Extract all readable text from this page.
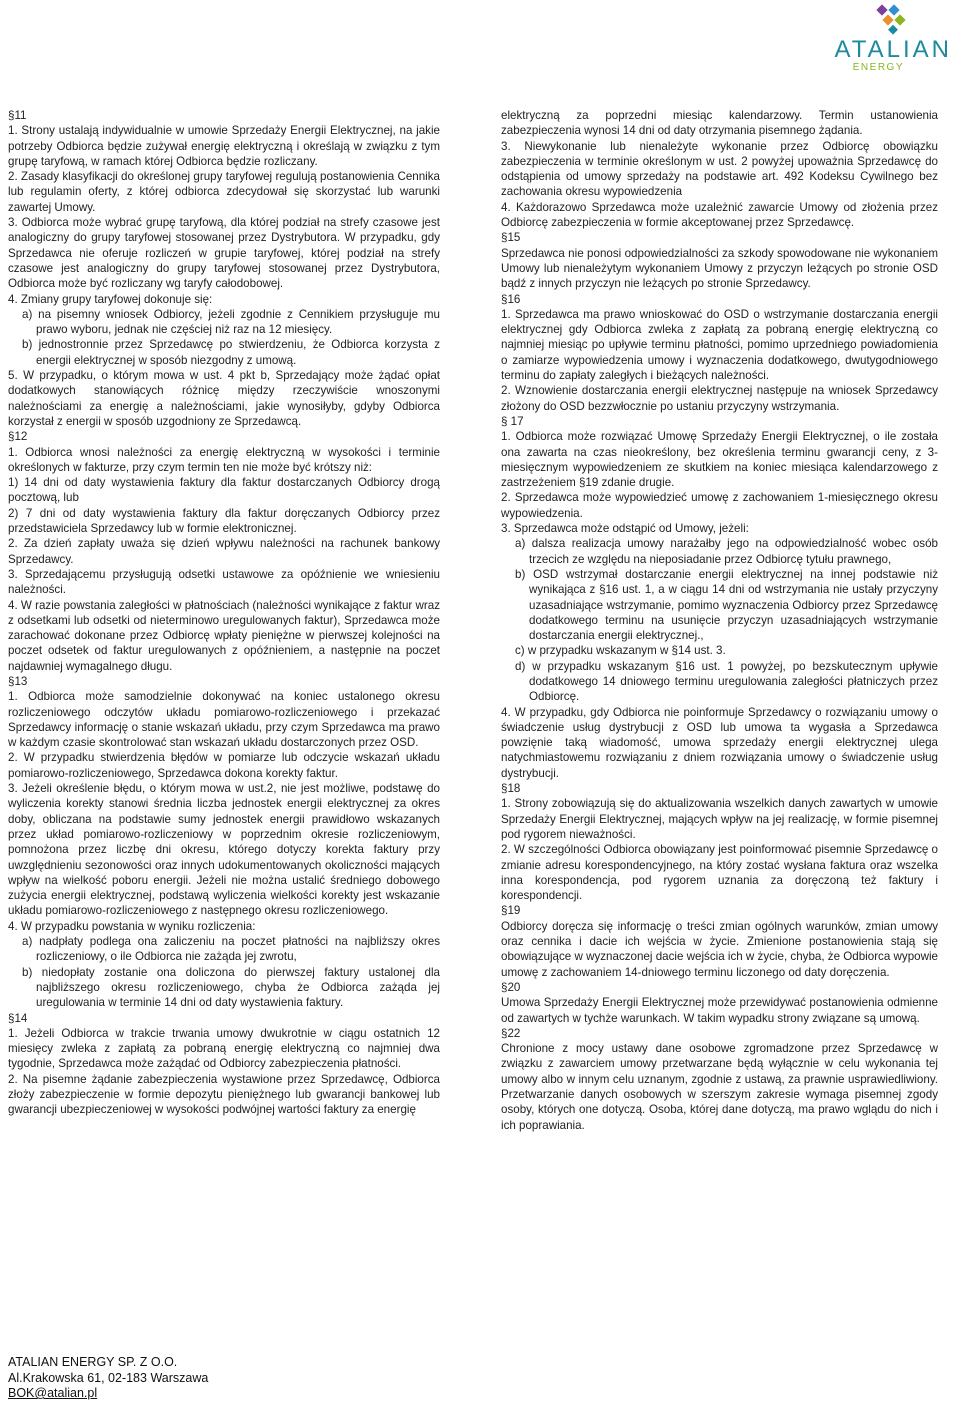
ATALIAN
ENERGY

§11

1. Strony ustalają indywidualnie w umowie Sprzedaży Energii Elektrycznej, na jakie potrzeby Odbiorca będzie zużywał energię elektryczną i określają w związku z tym grupę taryfową, w ramach której Odbiorca będzie rozliczany.

2. Zasady klasyfikacji do określonej grupy taryfowej regulują postanowienia Cennika lub regulamin oferty, z której odbiorca zdecydował się skorzystać lub warunki zawartej Umowy.

3. Odbiorca może wybrać grupę taryfową, dla której podział na strefy czasowe jest analogiczny do grupy taryfowej stosowanej przez Dystrybutora. W przypadku, gdy Sprzedawca nie oferuje rozliczeń w grupie taryfowej, której podział na strefy czasowe jest analogiczny do grupy taryfowej stosowanej przez Dystrybutora, Odbiorca może być rozliczany wg taryfy całodobowej.

4. Zmiany grupy taryfowej dokonuje się:

a) na pisemny wniosek Odbiorcy, jeżeli zgodnie z Cennikiem przysługuje mu prawo wyboru, jednak nie częściej niż raz na 12 miesięcy.

b) jednostronnie przez Sprzedawcę po stwierdzeniu, że Odbiorca korzysta z energii elektrycznej w sposób niezgodny z umową.

5. W przypadku, o którym mowa w ust. 4 pkt b, Sprzedający może żądać opłat dodatkowych stanowiących różnicę między rzeczywiście wnoszonymi należnościami za energię a należnościami, jakie wynosiłyby, gdyby Odbiorca korzystał z energii w sposób uzgodniony ze Sprzedawcą.

§12

1. Odbiorca wnosi należności za energię elektryczną w wysokości i terminie określonych w fakturze, przy czym termin ten nie może być krótszy niż:

1) 14 dni od daty wystawienia faktury dla faktur dostarczanych Odbiorcy drogą pocztową, lub

2) 7 dni od daty wystawienia faktury dla faktur doręczanych Odbiorcy przez przedstawiciela Sprzedawcy lub w formie elektronicznej.

2. Za dzień zapłaty uważa się dzień wpływu należności na rachunek bankowy Sprzedawcy.

3. Sprzedającemu przysługują odsetki ustawowe za opóźnienie we wniesieniu należności.

4. W razie powstania zaległości w płatnościach (należności wynikające z faktur wraz z odsetkami lub odsetki od nieterminowo uregulowanych faktur), Sprzedawca może zarachować dokonane przez Odbiorcę wpłaty pieniężne w pierwszej kolejności na poczet odsetek od faktur uregulowanych z opóźnieniem, a następnie na poczet najdawniej wymagalnego długu.

§13

1. Odbiorca może samodzielnie dokonywać na koniec ustalonego okresu rozliczeniowego odczytów układu pomiarowo-rozliczeniowego i przekazać Sprzedawcy informację o stanie wskazań układu, przy czym Sprzedawca ma prawo w każdym czasie skontrolować stan wskazań układu dostarczonych przez OSD.

2. W przypadku stwierdzenia błędów w pomiarze lub odczycie wskazań układu pomiarowo-rozliczeniowego, Sprzedawca dokona korekty faktur.

3. Jeżeli określenie błędu, o którym mowa w ust.2, nie jest możliwe, podstawę do wyliczenia korekty stanowi średnia liczba jednostek energii elektrycznej za okres doby, obliczana na podstawie sumy jednostek energii prawidłowo wskazanych przez układ pomiarowo-rozliczeniowy w poprzednim okresie rozliczeniowym, pomnożona przez liczbę dni okresu, którego dotyczy korekta faktury przy uwzględnieniu sezonowości oraz innych udokumentowanych okoliczności mających wpływ na wielkość poboru energii. Jeżeli nie można ustalić średniego dobowego zużycia energii elektrycznej, podstawą wyliczenia wielkości korekty jest wskazanie układu pomiarowo-rozliczeniowego z następnego okresu rozliczeniowego.

4. W przypadku powstania w wyniku rozliczenia:

a) nadpłaty podlega ona zaliczeniu na poczet płatności na najbliższy okres rozliczeniowy, o ile Odbiorca nie zażąda jej zwrotu,

b) niedopłaty zostanie ona doliczona do pierwszej faktury ustalonej dla najbliższego okresu rozliczeniowego, chyba że Odbiorca zażąda jej uregulowania w terminie 14 dni od daty wystawienia faktury.

§14

1. Jeżeli Odbiorca w trakcie trwania umowy dwukrotnie w ciągu ostatnich 12 miesięcy zwleka z zapłatą za pobraną energię elektryczną co najmniej dwa tygodnie, Sprzedawca może zażądać od Odbiorcy zabezpieczenia płatności.

2. Na pisemne żądanie zabezpieczenia wystawione przez Sprzedawcę, Odbiorca złoży zabezpieczenie w formie depozytu pieniężnego lub gwarancji bankowej lub gwarancji ubezpieczeniowej w wysokości podwójnej wartości faktury za energię

elektryczną za poprzedni miesiąc kalendarzowy. Termin ustanowienia zabezpieczenia wynosi 14 dni od daty otrzymania pisemnego żądania.

3. Niewykonanie lub nienależyte wykonanie przez Odbiorcę obowiązku zabezpieczenia w terminie określonym w ust. 2 powyżej upoważnia Sprzedawcę do odstąpienia od umowy sprzedaży na podstawie art. 492 Kodeksu Cywilnego bez zachowania okresu wypowiedzenia

4. Każdorazowo Sprzedawca może uzależnić zawarcie Umowy od złożenia przez Odbiorcę zabezpieczenia w formie akceptowanej przez Sprzedawcę.

§15

Sprzedawca nie ponosi odpowiedzialności za szkody spowodowane nie wykonaniem Umowy lub nienależytym wykonaniem Umowy z przyczyn leżących po stronie OSD bądź z innych przyczyn nie leżących po stronie Sprzedawcy.

§16

1. Sprzedawca ma prawo wnioskować do OSD o wstrzymanie dostarczania energii elektrycznej gdy Odbiorca zwleka z zapłatą za pobraną energię elektryczną co najmniej miesiąc po upływie terminu płatności, pomimo uprzedniego powiadomienia o zamiarze wypowiedzenia umowy i wyznaczenia dodatkowego, dwutygodniowego terminu do zapłaty zaległych i bieżących należności.

2. Wznowienie dostarczania energii elektrycznej następuje na wniosek Sprzedawcy złożony do OSD bezzwłocznie po ustaniu przyczyny wstrzymania.

§ 17

1. Odbiorca może rozwiązać Umowę Sprzedaży Energii Elektrycznej, o ile została ona zawarta na czas nieokreślony, bez określenia terminu gwarancji ceny, z 3-miesięcznym wypowiedzeniem ze skutkiem na koniec miesiąca kalendarzowego z zastrzeżeniem §19 zdanie drugie.

2. Sprzedawca może wypowiedzieć umowę z zachowaniem 1-miesięcznego okresu wypowiedzenia.

3. Sprzedawca może odstąpić od Umowy, jeżeli:

a) dalsza realizacja umowy narażałby jego na odpowiedzialność wobec osób trzecich ze względu na nieposiadanie przez Odbiorcę tytułu prawnego,

b) OSD wstrzymał dostarczanie energii elektrycznej na innej podstawie niż wynikająca z §16 ust. 1, a w ciągu 14 dni od wstrzymania nie ustały przyczyny uzasadniające wstrzymanie, pomimo wyznaczenia Odbiorcy przez Sprzedawcę dodatkowego terminu na usunięcie przyczyn uzasadniających wstrzymanie dostarczania energii elektrycznej.,

c) w przypadku wskazanym w §14 ust. 3.

d) w przypadku wskazanym §16 ust. 1 powyżej, po bezskutecznym upływie dodatkowego 14 dniowego terminu uregulowania zaległości płatniczych przez Odbiorcę.

4. W przypadku, gdy Odbiorca nie poinformuje Sprzedawcy o rozwiązaniu umowy o świadczenie usług dystrybucji z OSD lub umowa ta wygasła a Sprzedawca powzięnie taką wiadomość, umowa sprzedaży energii elektrycznej ulega natychmiastowemu rozwiązaniu z dniem rozwiązania umowy o świadczenie usług dystrybucji.

§18

1. Strony zobowiązują się do aktualizowania wszelkich danych zawartych w umowie Sprzedaży Energii Elektrycznej, mających wpływ na jej realizację, w formie pisemnej pod rygorem nieważności.

2. W szczególności Odbiorca obowiązany jest poinformować pisemnie Sprzedawcę o zmianie adresu korespondencyjnego, na który zostać wysłana faktura oraz wszelka inna korespondencja, pod rygorem uznania za doręczoną też faktury i korespondencji.

§19

Odbiorcy doręcza się informację o treści zmian ogólnych warunków, zmian umowy oraz cennika i dacie ich wejścia w życie. Zmienione postanowienia stają się obowiązujące w wyznaczonej dacie wejścia ich w życie, chyba, że Odbiorca wypowie umowę z zachowaniem 14-dniowego terminu liczonego od daty doręczenia.

§20

Umowa Sprzedaży Energii Elektrycznej może przewidywać postanowienia odmienne od zawartych w tychże warunkach. W takim wypadku strony związane są umową.

§22

Chronione z mocy ustawy dane osobowe zgromadzone przez Sprzedawcę w związku z zawarciem umowy przetwarzane będą wyłącznie w celu wykonania tej umowy albo w innym celu uznanym, zgodnie z ustawą, za prawnie usprawiedliwiony. Przetwarzanie danych osobowych w szerszym zakresie wymaga pisemnej zgody osoby, których one dotyczą. Osoba, której dane dotyczą, ma prawo wglądu do nich i ich poprawiania.

ATALIAN ENERGY SP. Z O.O.
Al.Krakowska 61, 02-183 Warszawa
BOK@atalian.pl
